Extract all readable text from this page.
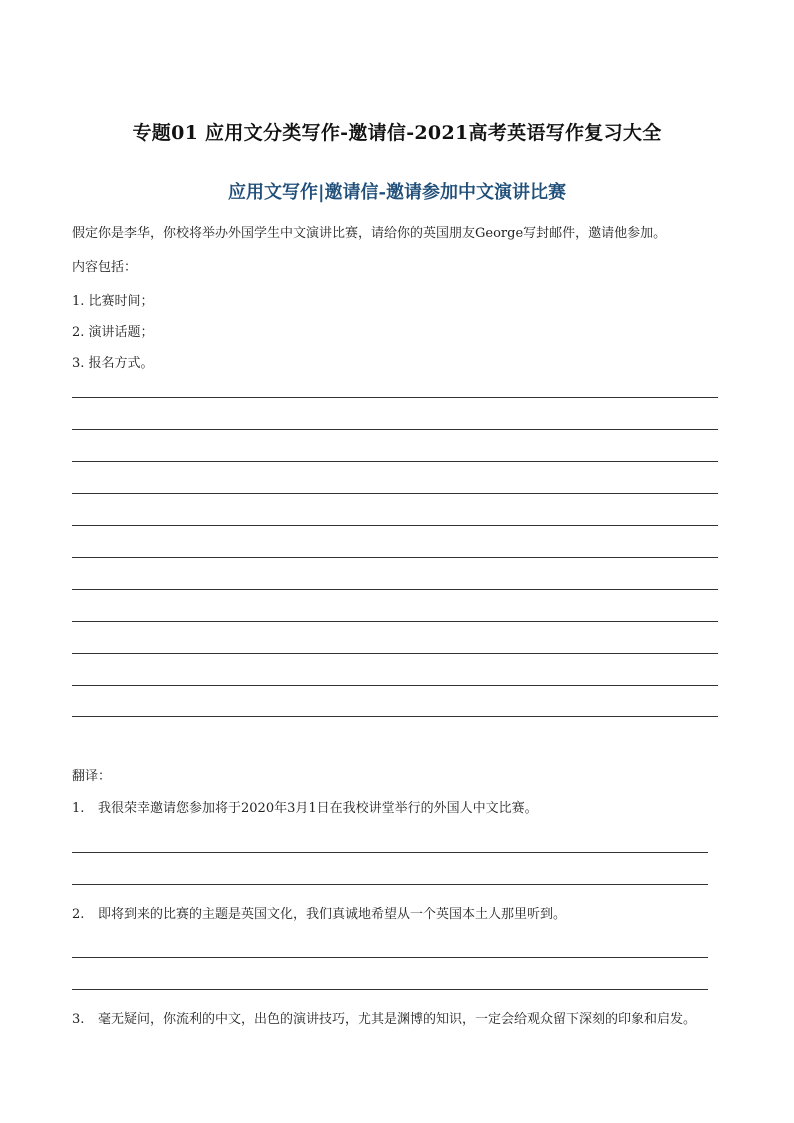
专题01 应用文分类写作-邀请信-2021高考英语写作复习大全
应用文写作|邀请信-邀请参加中文演讲比赛
假定你是李华，你校将举办外国学生中文演讲比赛，请给你的英国朋友George写封邮件，邀请他参加。
内容包括：
1. 比赛时间；
2. 演讲话题；
3. 报名方式。
翻译：
1. 我很荣幸邀请您参加将于2020年3月1日在我校讲堂举行的外国人中文比赛。
2. 即将到来的比赛的主题是英国文化，我们真诚地希望从一个英国本土人那里听到。
3. 毫无疑问，你流利的中文，出色的演讲技巧，尤其是渊博的知识，一定会给观众留下深刻的印象和启发。
